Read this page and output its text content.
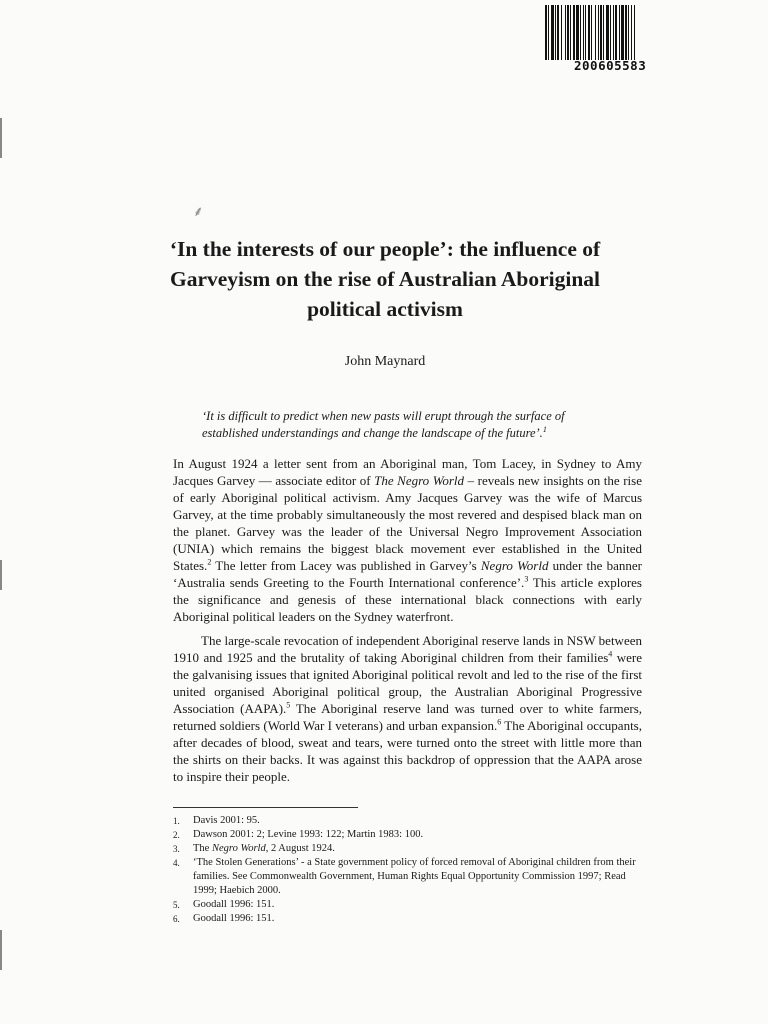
200605583
⸙
‘In the interests of our people’: the influence of Garveyism on the rise of Australian Aboriginal political activism
John Maynard

‘It is difficult to predict when new pasts will erupt through the surface of established understandings and change the landscape of the future’.$^1$

In August 1924 a letter sent from an Aboriginal man, Tom Lacey, in Sydney to Amy Jacques Garvey — associate editor of The Negro World – reveals new insights on the rise of early Aboriginal political activism. Amy Jacques Garvey was the wife of Marcus Garvey, at the time probably simultaneously the most revered and despised black man on the planet. Garvey was the leader of the Universal Negro Improvement Association (UNIA) which remains the biggest black movement ever established in the United States.$^2$ The letter from Lacey was published in Garvey’s Negro World under the banner ‘Australia sends Greeting to the Fourth International conference’.$^3$ This article explores the significance and genesis of these international black connections with early Aboriginal political leaders on the Sydney waterfront.

The large-scale revocation of independent Aboriginal reserve lands in NSW between 1910 and 1925 and the brutality of taking Aboriginal children from their families$^4$ were the galvanising issues that ignited Aboriginal political revolt and led to the rise of the first united organised Aboriginal political group, the Australian Aboriginal Progressive Association (AAPA).$^5$ The Aboriginal reserve land was turned over to white farmers, returned soldiers (World War I veterans) and urban expansion.$^6$ The Aboriginal occupants, after decades of blood, sweat and tears, were turned onto the street with little more than the shirts on their backs. It was against this backdrop of oppression that the AAPA arose to inspire their people.

1.	Davis 2001: 95.
2.	Dawson 2001: 2; Levine 1993: 122; Martin 1983: 100.
3.	The Negro World, 2 August 1924.
4.	‘The Stolen Generations’ - a State government policy of forced removal of Aboriginal children from their families. See Commonwealth Government, Human Rights Equal Opportunity Commission 1997; Read 1999; Haebich 2000.
5.	Goodall 1996: 151.
6.	Goodall 1996: 151.
